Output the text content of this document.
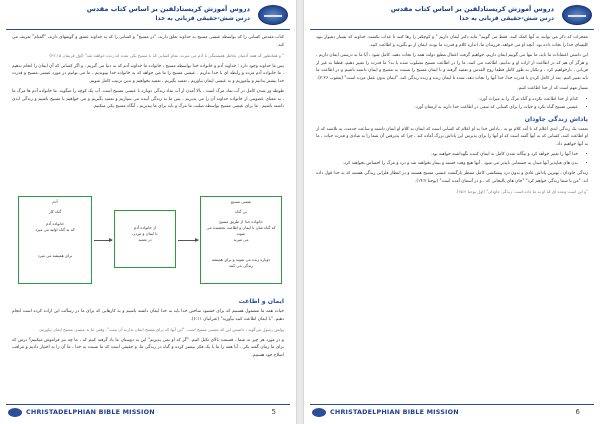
دروس آموزش کریستادلفین بر اساس کتاب مقدس
درس شش-حقیقی قربانی به خدا

کتاب مقدس کسانی را که بواسطه عیسی مسیح به خداوند تعلق دارند، "در مسیح" و کسانی را که به خداوند عشق و گوشهای دارند، "گمنام" تعریف می کند.

" و همانطور که همه آدمیان بخاطر همبستگی با آدم می میرند، تمام کسانی که با مسیح یکی شده اند زنده خواهند شد" (اول قرنتیان ۲۲:۱۵)

پس ما خداوند وجود دارد : خداوند آدم و خانواده خدا بواسطه مسیح ، خانواده ما خداوند آدم که به دنیا می گیریم ، و اگر کسانی که آن ایمان را انجام ندهیم ، ما خانواده آدم مرده و رابطه ای با خدا نداریم . عیسی مسیح را ما می خواهد که به خانواده خدا بپیوندیم ، ما می توانیم در مورد عیسی مسیح و قدرت خدا بیشتر بدانیم و بیاموزیم و به عیسی ایمان بیاوریم ، تعمید بگیریم ، تعمید بخواهیم و بدین ترتیب کامل شویم.

طوطه ور شدن کامل در آب نماد مرگ است ، بالا آمدن از آب تماد زندگی دوباره با عیسی مسیح است. آب یک کوچه را میگوید. ما خانواده آدم ها مرگ ما ، به معنای عضویتی از خانواده خداوند آن را می پذیریم ، پس ما به زندگی آینده می سپاریم و تعمید بگیریم و می خواهیم با مسیح باشیم و زندگی ابدی داشته باشیم . ما برای عیسی مسیح بواسطه صلیب ما مرگ و باید برای ما بپذیریم ، آنگاه مسیح یکی میکنیم.

عیسی مسیح
بی گناه
خانواده خدا از طریق مسیح
که گناه شان با ایمان و اطاعت بخشیده می شوند
می میرند
دوباره زنده می شوند و برای همیشه
زندگی می کنند
از خانواده آدم
با ایمان و مردن
در تعمید
آدم
گناه کار
خانواده آدم
که به گناه اولیه می میرد
برای همیشه می میرد
ایمان و اطاعت

حیات همه ما مشمول هستیم که برای خشنود ساختن خدا باید به خدا ایمان داشته باشیم و به کارهایی که برای ما در رسالت این اراده کرده است انجام دهیم. "با ایمان اطاعت کنید بیآورید" (عبرانیان ۶:۱۱).

پولس رسول می‌گوید ، دانستن این که عیسی مسیح است. "این آنها که برای مسیح ایمان ندارند آن بیعت"، وقتی ما به عیسی مسیح ایمان بیاوریم،

و در مورد هر چیز به شما ، قسمت بالای تکیل کنیم. "گر که او نمی پذیریم" این به دوستان ما یاد گرفته کنیم که ، ما چه نیز فراموش میکنیم؟ درس که برای ما زمان گفته یکی ، آیا همه را ما با یک فکر بیشتر کرده و گناه در زندگی ما، و حقیقی است که ما نسبت به خدا ، ما آن را به اختیار دادیم و مراقب اصلاح خود هستیم.

CHRISTADELPHIAN BIBLE MISSION	5
دروس آموزش کریستادلفین بر اساس کتاب مقدس
درس شش-حقیقی قربانی به خدا

معجزات که ذکر می توانند به آنها کمک کنند. فقط می گویند" مایه دکتر ایمان داریم " و کوچکتر را رها کنند تا عذاب بکشند، خداوند که بسیار دشوار نبود کلیسای خدا را نجات داده بود. آنچه او می خواهد، فرزندان ما، اندازه کلام و قدرت ما بوده، ایمان از تو بگیرید و اطاعت کنید.

این داشتن اعتقادات ما باید، ما تنها می گوییم ایمان داریم، خواهیم گرفت اعمال مطیع دولت همه را نجات دهند، کامل شود ، آیا ما به درستی ایمان داریم ، و هرگز آن هم که در اطاعت از اراده او و بدانیم، اطاعت می کنند، ما را در اطاعت مسیح مصلوب شده یا نه؟ ما قدرت را تغییر دهیم، قطعا به غیر از قربانی ، بازخواهیم کرد ، و یکبار به طور کامل قطعا روح القدس و تعمید گرفته و با ایمان مسیح را نسبت به مسیح و ایمان داشته باشیم و در اطاعت ما باید تغییر کنیم. بعد از کامل کردن با قدرت خدا، خدا آنها را نجات دهد، شده تا ایمان زنده و زنده زندگی کند، "ایمان بدون عمل مرده است" (یعقوب ۲:۲۶).

بسیار مهم است که از خدا اطاعت کنیم.

• کدام از خدا اطاعت نکرده و گناه مرگ را به میراث آورد.
• عیسی مسیح گناه نکرد و حیات را برای کسانی که سعی در اطاعت خدا دارند به ارمغان آورد.
پاداش زندگی جاودان

نعمت یک زندگی ابدی اعلام که تا آمد کلام تو به ، پاداش خدا به او اعلام که کسانی است که ایمان به کلام او ایمان داشته و ساعت خدمت، به تلاشند که از او اطاعت کنند، کسانی که به آنها گفته است که او آنها را برای پذیرش این پاداش بزرگ آماده کند ، چرا که پذیرفتن آن شما را به شادی و قدرت حیات ، ما به آنها خواهیم داد.

• خدا آنها را تغییر خواهد کرد و بیگانه شدن کامل به ایمان کننده نگهداشته خواهند بود.
• بدن های فناپذیر آنها مبدل به جسمانی ناپذیر می شود . آنها هیچ وقت خسته و بیمار نخواهند شد و درد و مرگ را احساس نخواهند کرد.

زندگی جاودان ، بهترین پاداش عادی و بدون درد پیشکشی کامل منتظر بازگشت عیسی مسیح هستند و در انتظار قلرانی زندگی هستند که به خدا قول داده اند. "من با شما زندگی خواهم کرد" "جان های یالیجانی که ، و در آسمان آمده است" (یوحنا ۱۴:۲).

"و این است وعده ای که او به ما داده است: زندگی جاودان" (اول یوحنا ۲۵:۲).

CHRISTADELPHIAN BIBLE MISSION	6
